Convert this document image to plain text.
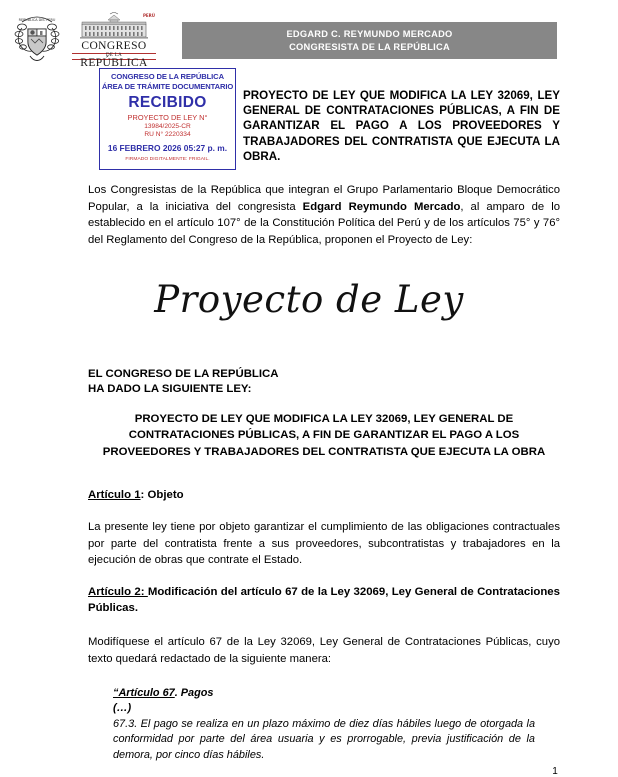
REPUBLICA DEL PERU
PERÚ
CONGRESO
DE LA
REPÚBLICA
EDGARD C. REYMUNDO MERCADO
CONGRESISTA DE LA REPÚBLICA
CONGRESO DE LA REPÚBLICA
ÁREA DE TRÁMITE DOCUMENTARIO
RECIBIDO
PROYECTO DE LEY N°
13984/2025-CR
RU N° 2220334
16 FEBRERO 2026 05:27 p. m.
FIRMADO DIGITALMENTE: FRIGAIL.
PROYECTO DE LEY QUE MODIFICA LA LEY 32069, LEY GENERAL DE CONTRATACIONES PÚBLICAS, A FIN DE GARANTIZAR EL PAGO A LOS PROVEEDORES Y TRABAJADORES DEL CONTRATISTA QUE EJECUTA LA OBRA.
Los Congresistas de la República que integran el Grupo Parlamentario Bloque Democrático Popular, a la iniciativa del congresista Edgard Reymundo Mercado, al amparo de lo establecido en el artículo 107° de la Constitución Política del Perú y de los artículos 75° y 76° del Reglamento del Congreso de la República, proponen el Proyecto de Ley:
Proyecto de Ley
EL CONGRESO DE LA REPÚBLICA
HA DADO LA SIGUIENTE LEY:
PROYECTO DE LEY QUE MODIFICA LA LEY 32069, LEY GENERAL DE CONTRATACIONES PÚBLICAS, A FIN DE GARANTIZAR EL PAGO A LOS PROVEEDORES Y TRABAJADORES DEL CONTRATISTA QUE EJECUTA LA OBRA
Artículo 1: Objeto
La presente ley tiene por objeto garantizar el cumplimiento de las obligaciones contractuales por parte del contratista frente a sus proveedores, subcontratistas y trabajadores en la ejecución de obras que contrate el Estado.
Artículo 2: Modificación del artículo 67 de la Ley 32069, Ley General de Contrataciones Públicas.
Modifíquese el artículo 67 de la Ley 32069, Ley General de Contrataciones Públicas, cuyo texto quedará redactado de la siguiente manera:
“Artículo 67. Pagos
(…)
67.3. El pago se realiza en un plazo máximo de diez días hábiles luego de otorgada la conformidad por parte del área usuaria y es prorrogable, previa justificación de la demora, por cinco días hábiles.
1
